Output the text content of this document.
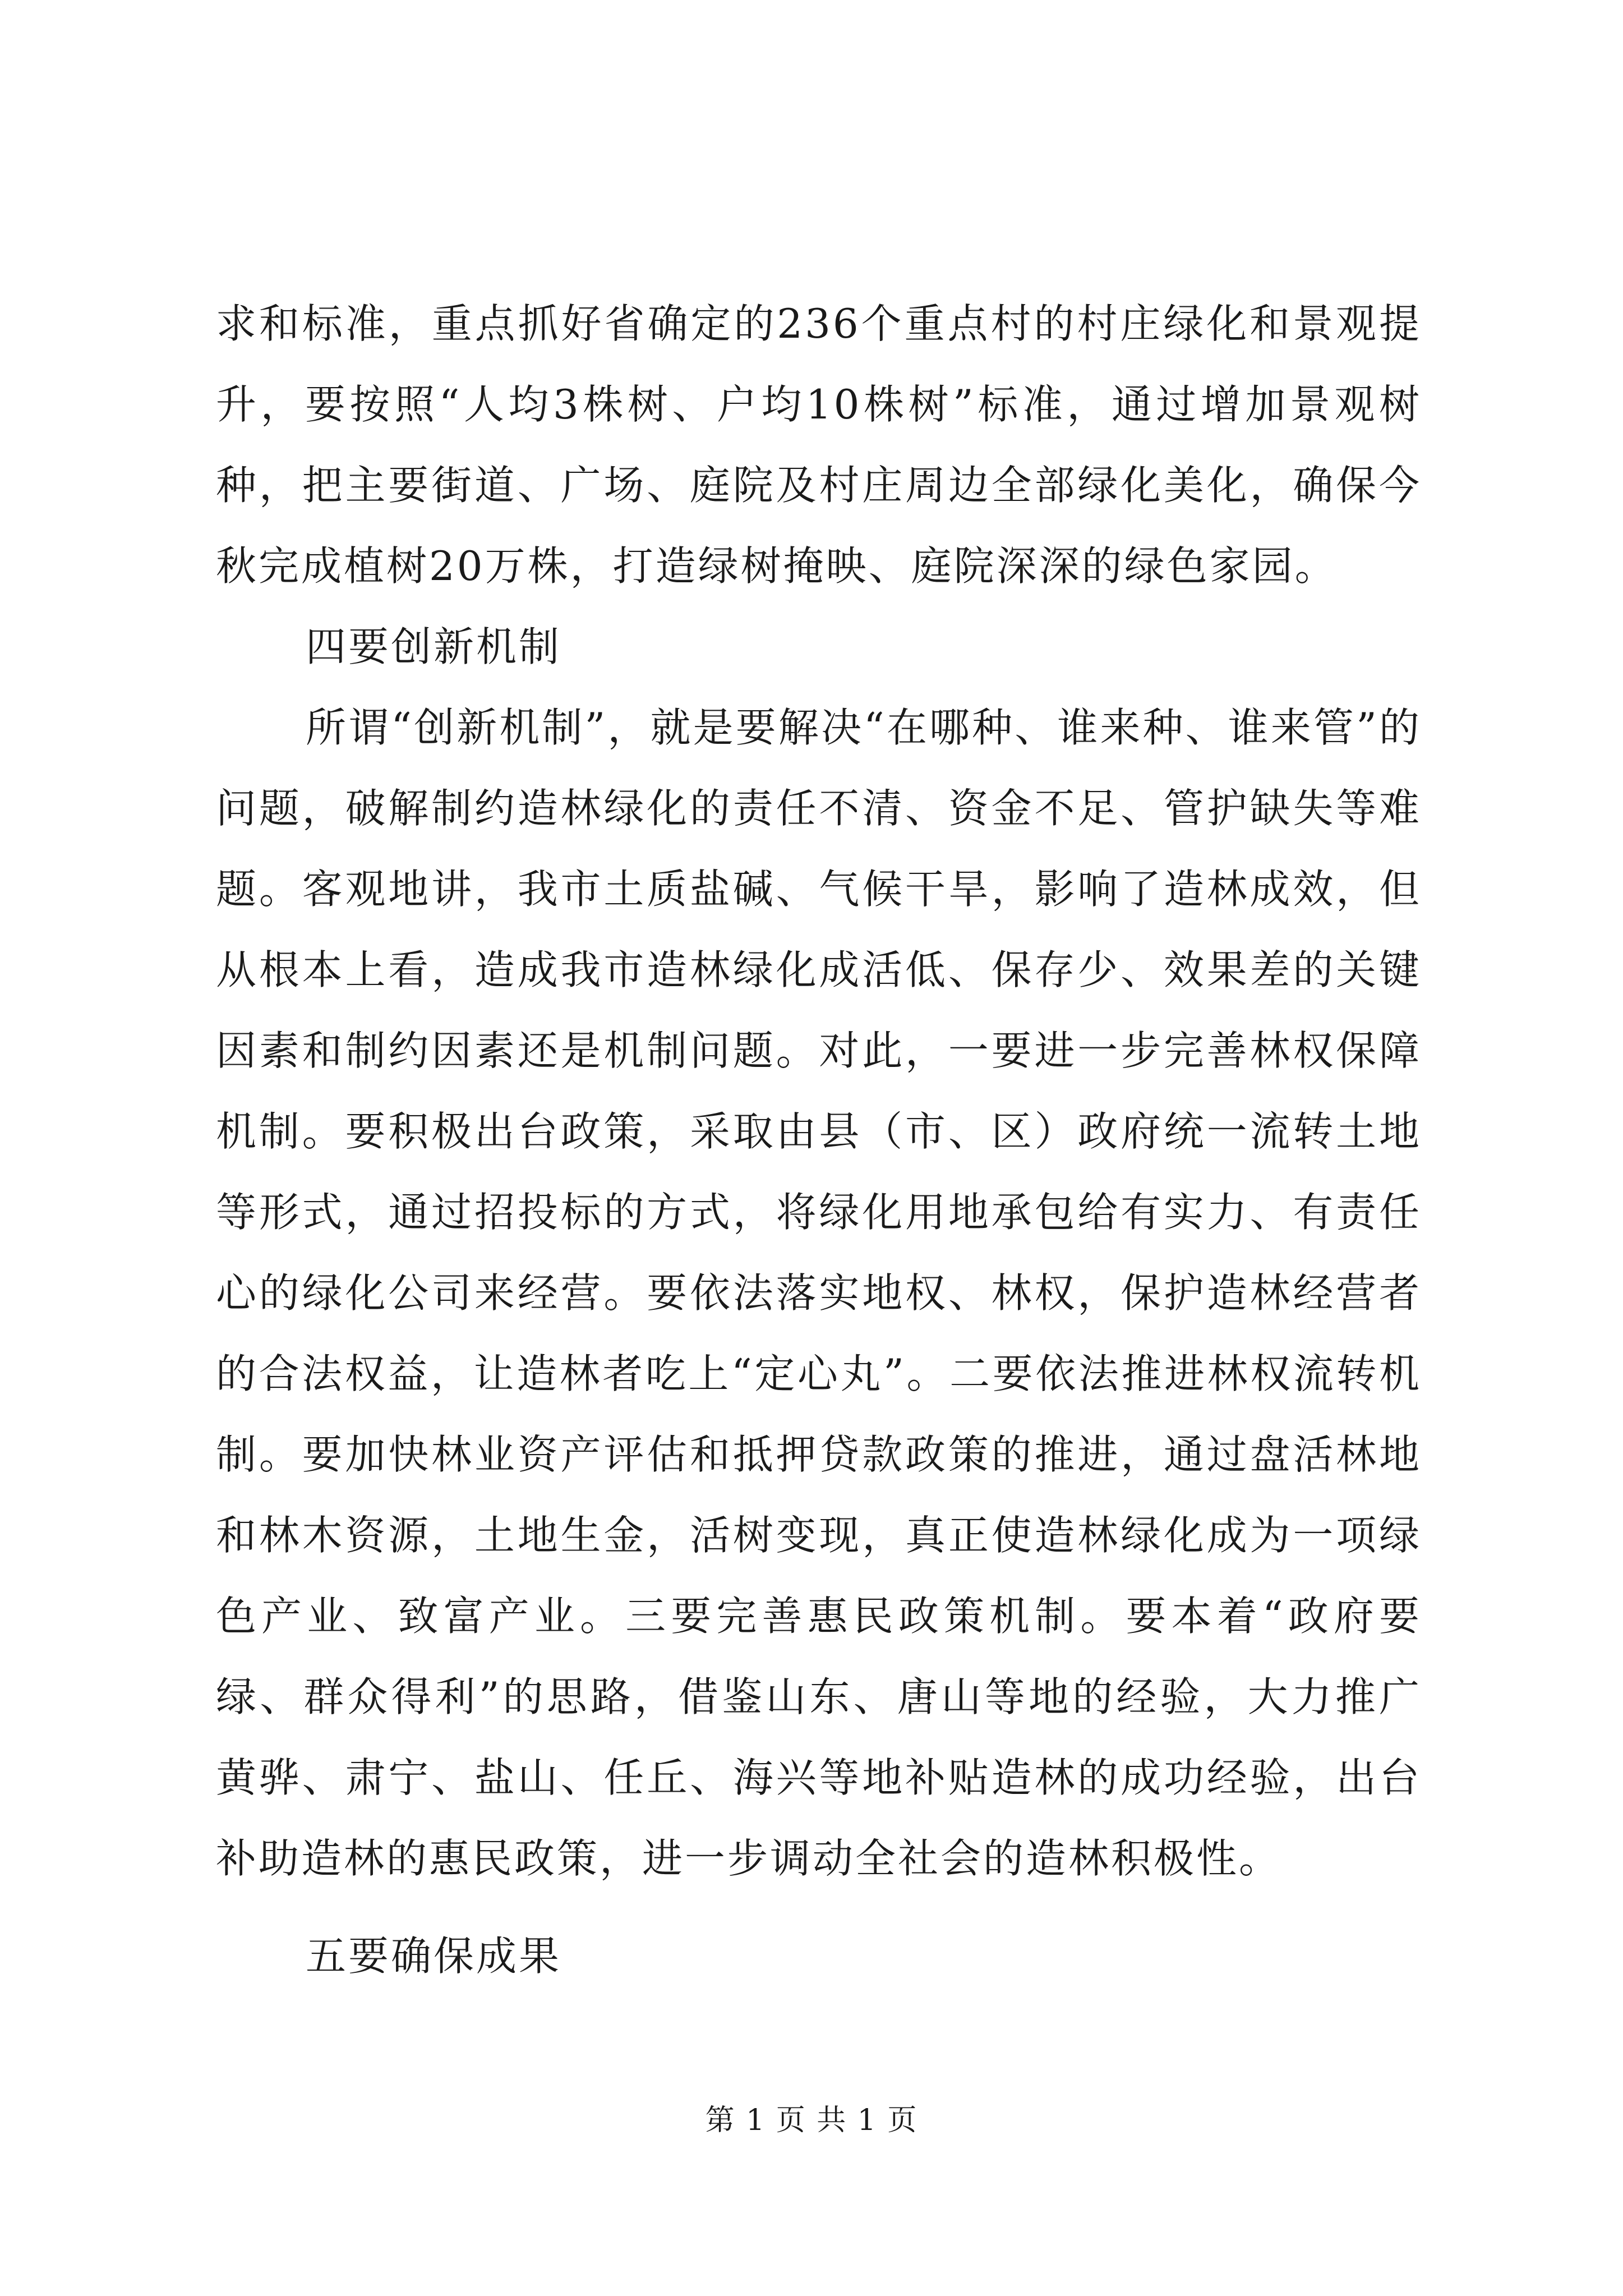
求和标准，重点抓好省确定的236个重点村的村庄绿化和景观提升，要按照“人均3株树、户均10株树”标准，通过增加景观树种，把主要街道、广场、庭院及村庄周边全部绿化美化，确保今秋完成植树20万株，打造绿树掩映、庭院深深的绿色家园。

四要创新机制

所谓“创新机制”，就是要解决“在哪种、谁来种、谁来管”的问题，破解制约造林绿化的责任不清、资金不足、管护缺失等难题。客观地讲，我市土质盐碱、气候干旱，影响了造林成效，但从根本上看，造成我市造林绿化成活低、保存少、效果差的关键因素和制约因素还是机制问题。对此，一要进一步完善林权保障机制。要积极出台政策，采取由县（市、区）政府统一流转土地等形式，通过招投标的方式，将绿化用地承包给有实力、有责任心的绿化公司来经营。要依法落实地权、林权，保护造林经营者的合法权益，让造林者吃上“定心丸”。二要依法推进林权流转机制。要加快林业资产评估和抵押贷款政策的推进，通过盘活林地和林木资源，土地生金，活树变现，真正使造林绿化成为一项绿色产业、致富产业。三要完善惠民政策机制。要本着“政府要绿、群众得利”的思路，借鉴山东、唐山等地的经验，大力推广黄骅、肃宁、盐山、任丘、海兴等地补贴造林的成功经验，出台补助造林的惠民政策，进一步调动全社会的造林积极性。

五要确保成果

第 1 页 共 1 页
